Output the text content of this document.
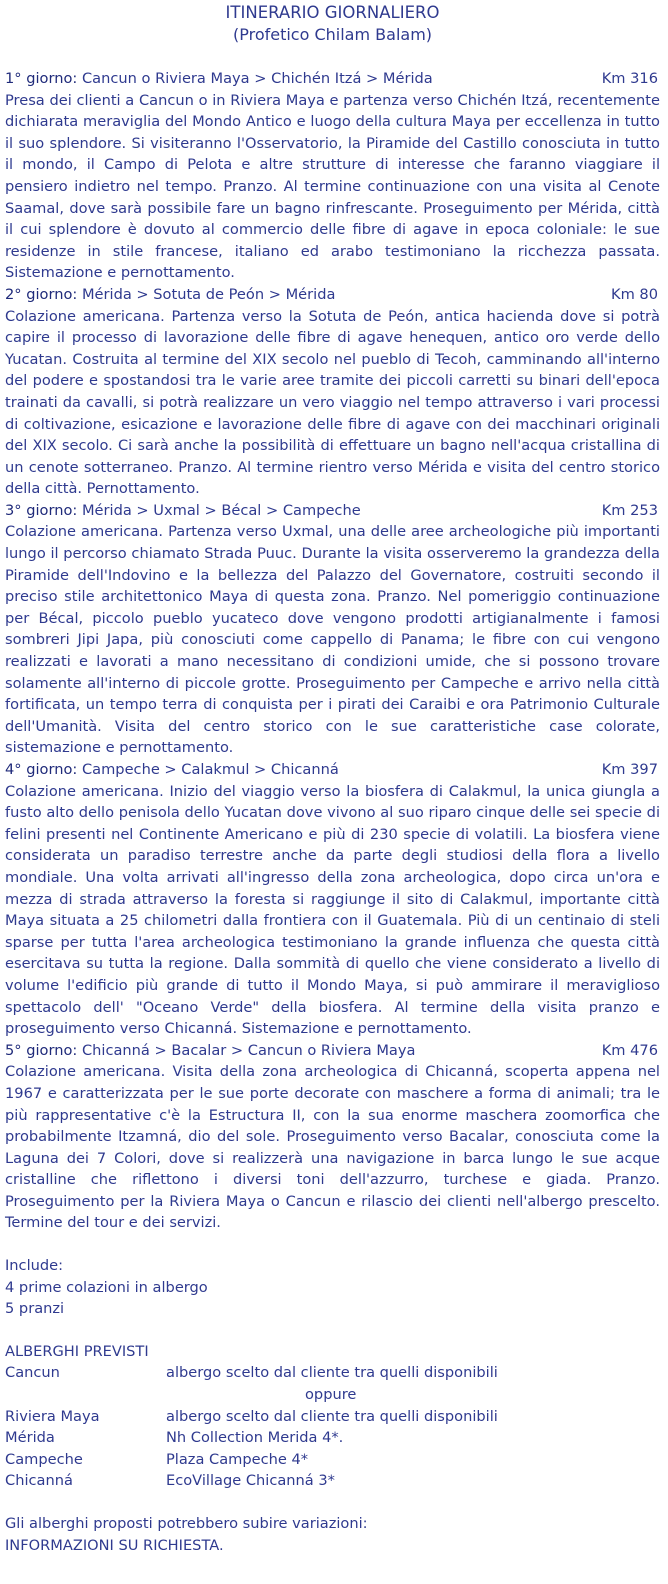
ITINERARIO GIORNALIERO
(Profetico Chilam Balam)
1° giorno: Cancun o Riviera Maya > Chichén Itzá > Mérida	Km 316

Presa dei clienti a Cancun o in Riviera Maya e partenza verso Chichén Itzá, recentemente dichiarata meraviglia del Mondo Antico e luogo della cultura Maya per eccellenza in tutto il suo splendore. Si visiteranno l'Osservatorio, la Piramide del Castillo conosciuta in tutto il mondo, il Campo di Pelota e altre strutture di interesse che faranno viaggiare il pensiero indietro nel tempo. Pranzo. Al termine continuazione con una visita al Cenote Saamal, dove sarà possibile fare un bagno rinfrescante. Proseguimento per Mérida, città il cui splendore è dovuto al commercio delle fibre di agave in epoca coloniale: le sue residenze in stile francese, italiano ed arabo testimoniano la ricchezza passata. Sistemazione e pernottamento.

2° giorno: Mérida > Sotuta de Peón > Mérida	Km 80

Colazione americana. Partenza verso la Sotuta de Peón, antica hacienda dove si potrà capire il processo di lavorazione delle fibre di agave henequen, antico oro verde dello Yucatan. Costruita al termine del XIX secolo nel pueblo di Tecoh, camminando all'interno del podere e spostandosi tra le varie aree tramite dei piccoli carretti su binari dell'epoca trainati da cavalli, si potrà realizzare un vero viaggio nel tempo attraverso i vari processi di coltivazione, esicazione e lavorazione delle fibre di agave con dei macchinari originali del XIX secolo. Ci sarà anche la possibilità di effettuare un bagno nell'acqua cristallina di un cenote sotterraneo. Pranzo. Al termine rientro verso Mérida e visita del centro storico della città. Pernottamento.

3° giorno: Mérida > Uxmal > Bécal > Campeche	Km 253

Colazione americana. Partenza verso Uxmal, una delle aree archeologiche più importanti lungo il percorso chiamato Strada Puuc. Durante la visita osserveremo la grandezza della Piramide dell'Indovino e la bellezza del Palazzo del Governatore, costruiti secondo il preciso stile architettonico Maya di questa zona. Pranzo. Nel pomeriggio continuazione per Bécal, piccolo pueblo yucateco dove vengono prodotti artigianalmente i famosi sombreri Jipi Japa, più conosciuti come cappello di Panama; le fibre con cui vengono realizzati e lavorati a mano necessitano di condizioni umide, che si possono trovare solamente all'interno di piccole grotte. Proseguimento per Campeche e arrivo nella città fortificata, un tempo terra di conquista per i pirati dei Caraibi e ora Patrimonio Culturale dell'Umanità. Visita del centro storico con le sue caratteristiche case colorate, sistemazione e pernottamento.

4° giorno: Campeche > Calakmul > Chicanná	Km 397

Colazione americana. Inizio del viaggio verso la biosfera di Calakmul, la unica giungla a fusto alto dello penisola dello Yucatan dove vivono al suo riparo cinque delle sei specie di felini presenti nel Continente Americano e più di 230 specie di volatili. La biosfera viene considerata un paradiso terrestre anche da parte degli studiosi della flora a livello mondiale. Una volta arrivati all'ingresso della zona archeologica, dopo circa un'ora e mezza di strada attraverso la foresta si raggiunge il sito di Calakmul, importante città Maya situata a 25 chilometri dalla frontiera con il Guatemala. Più di un centinaio di steli sparse per tutta l'area archeologica testimoniano la grande influenza che questa città esercitava su tutta la regione. Dalla sommità di quello che viene considerato a livello di volume l'edificio più grande di tutto il Mondo Maya, si può ammirare il meraviglioso spettacolo dell' "Oceano Verde" della biosfera. Al termine della visita pranzo e proseguimento verso Chicanná. Sistemazione e pernottamento.

5° giorno: Chicanná > Bacalar > Cancun o Riviera Maya	Km 476

Colazione americana. Visita della zona archeologica di Chicanná, scoperta appena nel 1967 e caratterizzata per le sue porte decorate con maschere a forma di animali; tra le più rappresentative c'è la Estructura II, con la sua enorme maschera zoomorfica che probabilmente Itzamná, dio del sole. Proseguimento verso Bacalar, conosciuta come la Laguna dei 7 Colori, dove si realizzerà una navigazione in barca lungo le sue acque cristalline che riflettono i diversi toni dell'azzurro, turchese e giada. Pranzo. Proseguimento per la Riviera Maya o Cancun e rilascio dei clienti nell'albergo prescelto. Termine del tour e dei servizi.

Include:
4 prime colazioni in albergo
5 pranzi
ALBERGHI PREVISTI
Cancun	albergo scelto dal cliente tra quelli disponibili
oppure
Riviera Maya	albergo scelto dal cliente tra quelli disponibili
Mérida	Nh Collection Merida 4*.
Campeche	Plaza Campeche 4*
Chicanná	EcoVillage Chicanná 3*
Gli alberghi proposti potrebbero subire variazioni:
INFORMAZIONI SU RICHIESTA.
